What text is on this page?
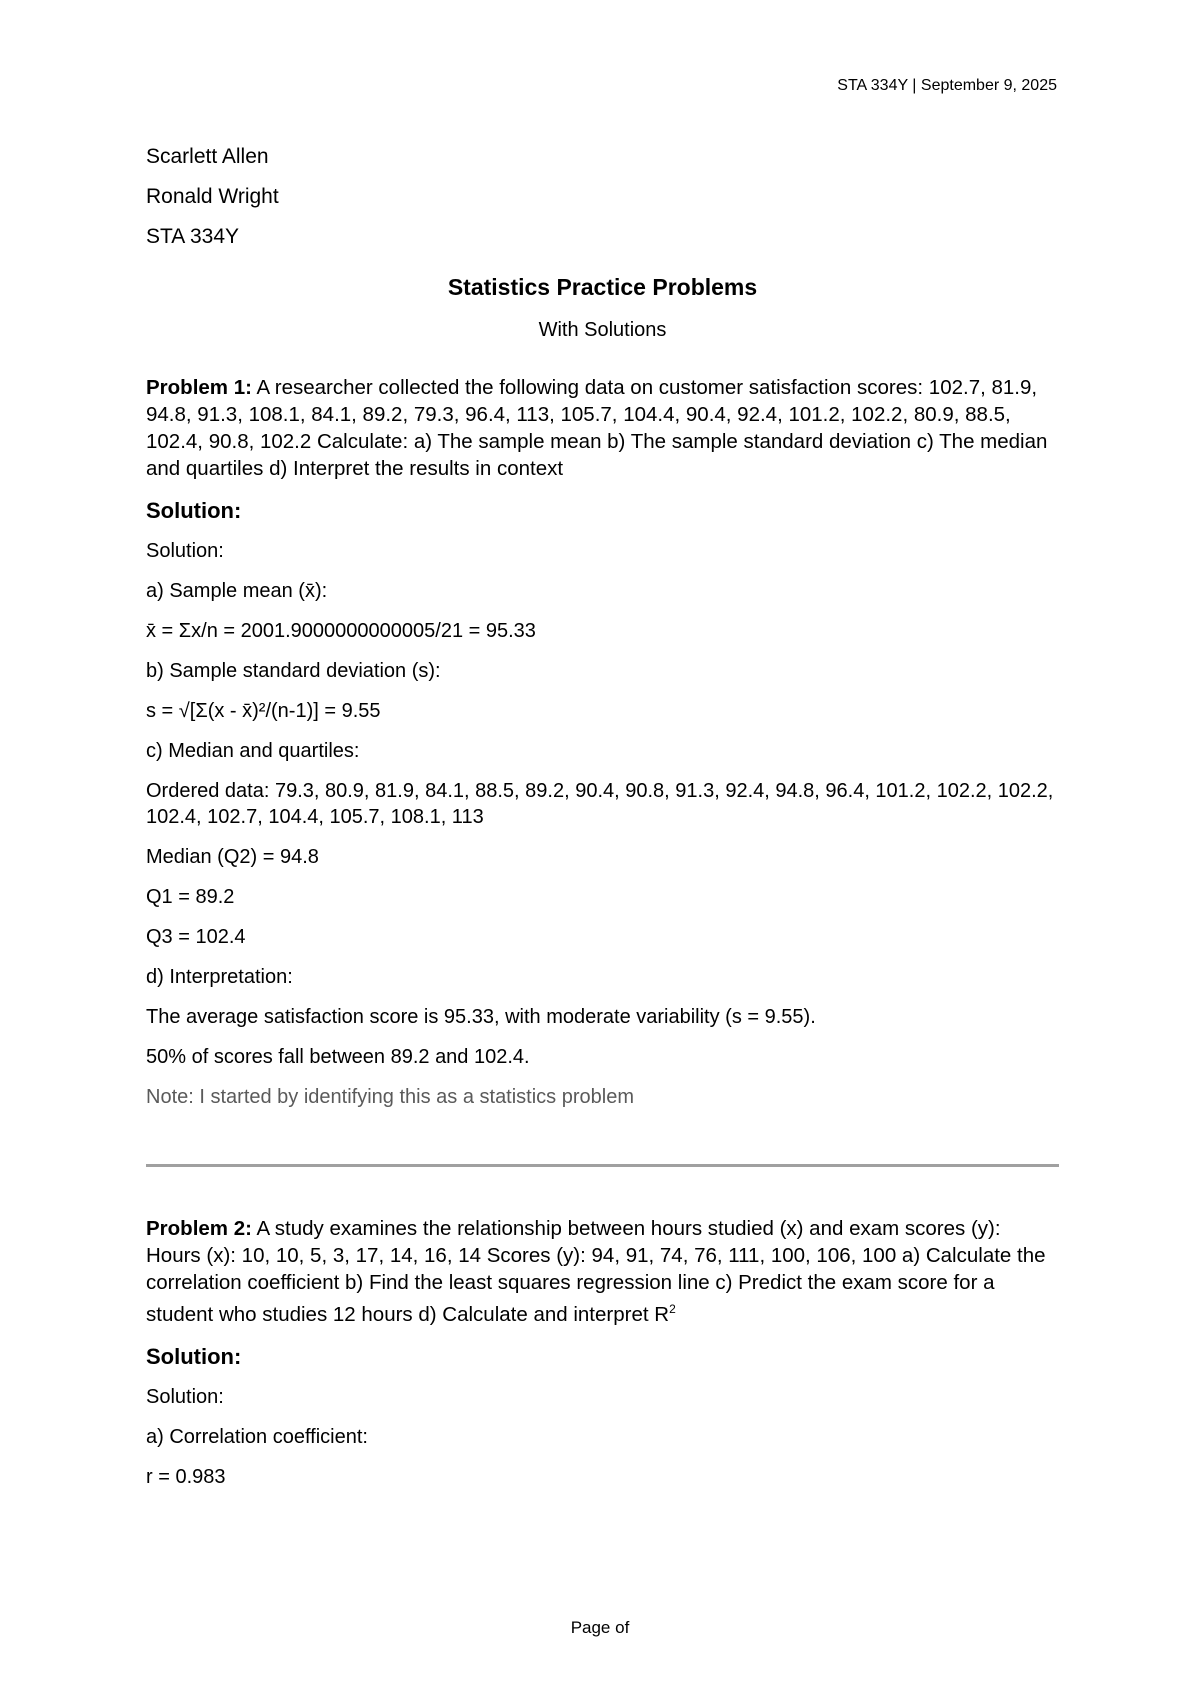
STA 334Y | September 9, 2025
Scarlett Allen
Ronald Wright
STA 334Y
Statistics Practice Problems
With Solutions

Problem 1: A researcher collected the following data on customer satisfaction scores: 102.7, 81.9, 94.8, 91.3, 108.1, 84.1, 89.2, 79.3, 96.4, 113, 105.7, 104.4, 90.4, 92.4, 101.2, 102.2, 80.9, 88.5, 102.4, 90.8, 102.2 Calculate: a) The sample mean b) The sample standard deviation c) The median and quartiles d) Interpret the results in context

Solution:
Solution:
a) Sample mean (x̄):
x̄ = Σx/n = 2001.9000000000005/21 = 95.33
b) Sample standard deviation (s):
s = √[Σ(x - x̄)²/(n-1)] = 9.55
c) Median and quartiles:
Ordered data: 79.3, 80.9, 81.9, 84.1, 88.5, 89.2, 90.4, 90.8, 91.3, 92.4, 94.8, 96.4, 101.2, 102.2, 102.2, 102.4, 102.7, 104.4, 105.7, 108.1, 113
Median (Q2) = 94.8
Q1 = 89.2
Q3 = 102.4
d) Interpretation:
The average satisfaction score is 95.33, with moderate variability (s = 9.55).
50% of scores fall between 89.2 and 102.4.

Note: I started by identifying this as a statistics problem

Problem 2: A study examines the relationship between hours studied (x) and exam scores (y): Hours (x): 10, 10, 5, 3, 17, 14, 16, 14 Scores (y): 94, 91, 74, 76, 111, 100, 106, 100 a) Calculate the correlation coefficient b) Find the least squares regression line c) Predict the exam score for a student who studies 12 hours d) Calculate and interpret $R^2$

Solution:
Solution:
a) Correlation coefficient:
r = 0.983
Page of
